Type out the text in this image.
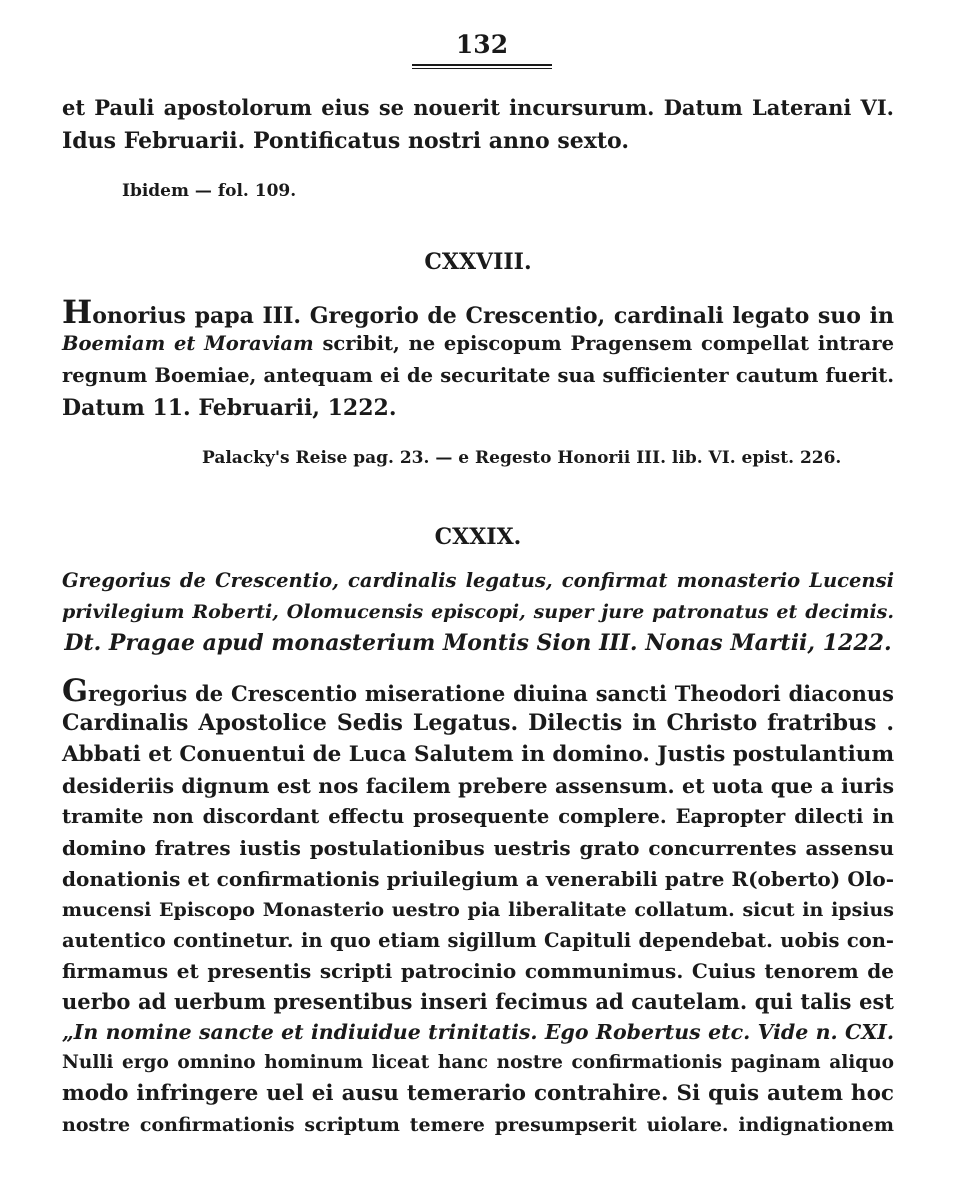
132
et Pauli apostolorum eius se nouerit incursurum. Datum Laterani VI.
Idus Februarii. Pontificatus nostri anno sexto.
Ibidem — fol. 109.
CXXVIII.
Honorius papa III. Gregorio de Crescentio, cardinali legato suo in
Boemiam et Moraviam scribit, ne episcopum Pragensem compellat intrare
regnum Boemiae, antequam ei de securitate sua sufficienter cautum fuerit.
Datum 11. Februarii, 1222.
Palacky's Reise pag. 23. — e Regesto Honorii III. lib. VI. epist. 226.
CXXIX.
Gregorius de Crescentio, cardinalis legatus, confirmat monasterio Lucensi
privilegium Roberti, Olomucensis episcopi, super jure patronatus et decimis.
Dt. Pragae apud monasterium Montis Sion III. Nonas Martii, 1222.
Gregorius de Crescentio miseratione diuina sancti Theodori diaconus
Cardinalis Apostolice Sedis Legatus. Dilectis in Christo fratribus .
Abbati et Conuentui de Luca Salutem in domino. Justis postulantium
desideriis dignum est nos facilem prebere assensum. et uota que a iuris
tramite non discordant effectu prosequente complere. Eapropter dilecti in
domino fratres iustis postulationibus uestris grato concurrentes assensu
donationis et confirmationis priuilegium a venerabili patre R(oberto) Olo-
mucensi Episcopo Monasterio uestro pia liberalitate collatum. sicut in ipsius
autentico continetur. in quo etiam sigillum Capituli dependebat. uobis con-
firmamus et presentis scripti patrocinio communimus. Cuius tenorem de
uerbo ad uerbum presentibus inseri fecimus ad cautelam. qui talis est
„In nomine sancte et indiuidue trinitatis. Ego Robertus etc. Vide n. CXI.
Nulli ergo omnino hominum liceat hanc nostre confirmationis paginam aliquo
modo infringere uel ei ausu temerario contrahire. Si quis autem hoc
nostre confirmationis scriptum temere presumpserit uiolare. indignationem
